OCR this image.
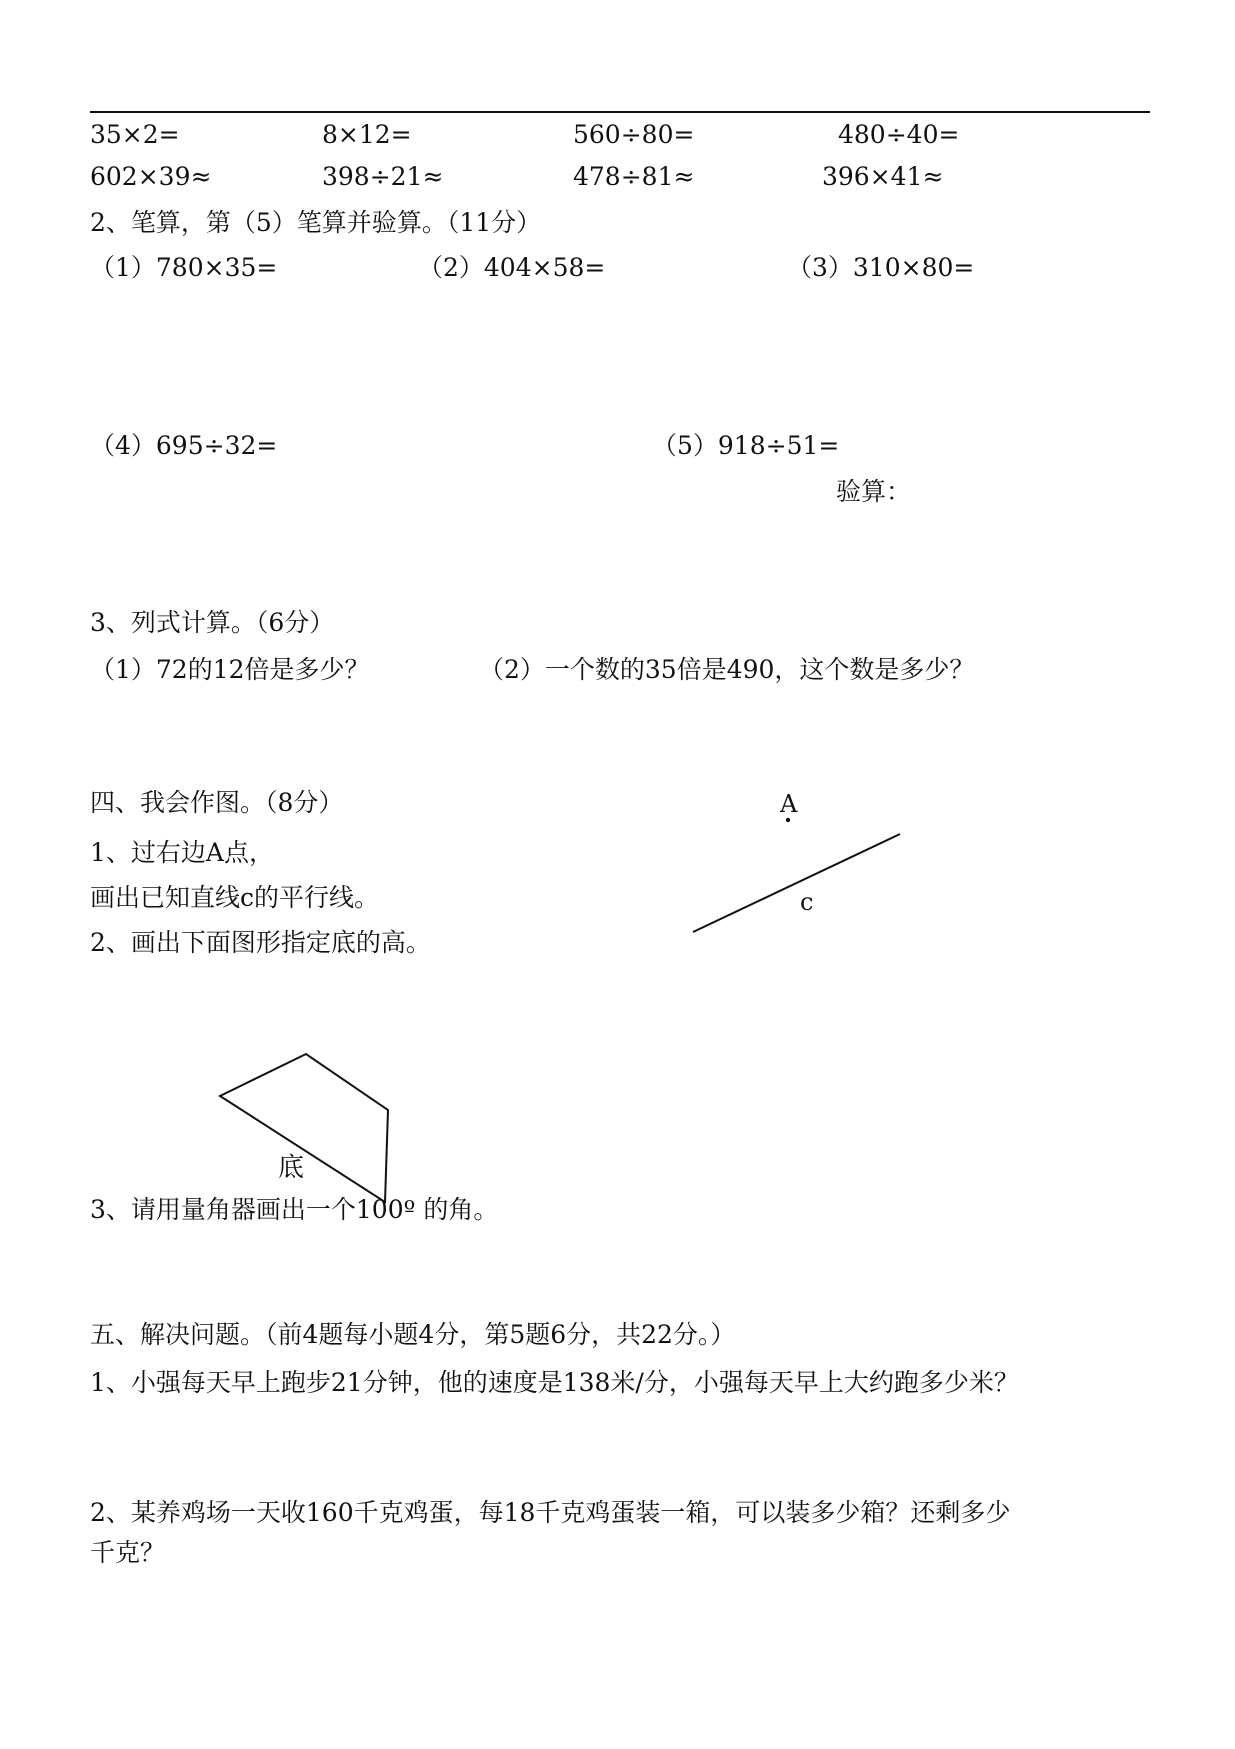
35×2=	8×12=	560÷80=	480÷40=
602×39≈	398÷21≈	478÷81≈	396×41≈
2、笔算，第（5）笔算并验算。（11分）
（1）780×35=	（2）404×58=	（3）310×80=
（4）695÷32=	（5）918÷51=
验算：
3、列式计算。（6分）
（1）72的12倍是多少？	（2）一个数的35倍是490，这个数是多少？
四、我会作图。（8分）
1、过右边A点，
画出已知直线c的平行线。
2、画出下面图形指定底的高。
A
c
底
3、请用量角器画出一个100º 的角。
五、解决问题。（前4题每小题4分，第5题6分，共22分。）
1、小强每天早上跑步21分钟，他的速度是138米/分，小强每天早上大约跑多少米？
2、某养鸡场一天收160千克鸡蛋，每18千克鸡蛋装一箱，可以装多少箱？还剩多少
千克？
